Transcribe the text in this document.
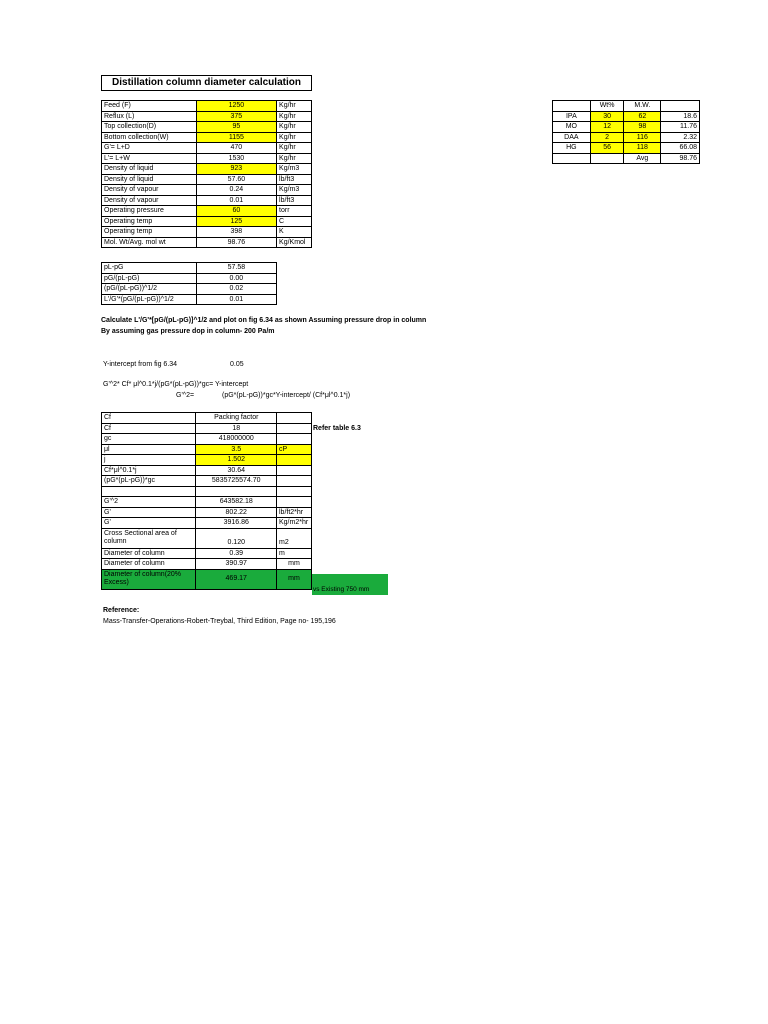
Distillation column diameter calculation
Feed (F)	1250	Kg/hr
Reflux (L)	375	Kg/hr
Top collection(D)	95	Kg/hr
Bottom collection(W)	1155	Kg/hr
G'= L+D	470	Kg/hr
L'= L+W	1530	Kg/hr
Density of liquid	923	Kg/m3
Density of liquid	57.60	lb/ft3
Density of vapour	0.24	Kg/m3
Density of vapour	0.01	lb/ft3
Operating pressure	60	torr
Operating temp	125	C
Operating temp	398	K
Mol. Wt/Avg. mol wt	98.76	Kg/Kmol
	Wt%	M.W.	
IPA	30	62	18.6
MO	12	98	11.76
DAA	2	116	2.32
HG	56	118	66.08
		Avg	98.76
pL-pG	57.58
pG/(pL-pG)	0.00
(pG/(pL-pG))^1/2	0.02
L'/G'*(pG/(pL-pG))^1/2	0.01
Calculate L'/G'*[pG/(pL-pG)]^1/2 and plot on fig 6.34 as shown Assuming pressure drop in column
By assuming gas pressure dop in column- 200 Pa/m
Y-intercept from fig 6.34	0.05
G'^2* Cf* μl^0.1*j/(pG*(pL-pG))*gc= Y-intercept
G'^2=	(pG*(pL-pG))*gc*Y-intercept/ (Cf*μl^0.1*j)
Cf	Packing factor	
Cf	18	
gc	418000000	
μl	3.5	cP
j	1.502	
Cf*μl^0.1*j	30.64	
(pG*(pL-pG))*gc	5835725574.70	

G'^2	643582.18	
G'	802.22	lb/ft2*hr
G'	3916.86	Kg/m2*hr
Cross Sectional area of column	0.120	m2
Diameter of column	0.39	m
Diameter of column	390.97	mm
Diameter of column(20% Excess)	469.17	mm
Refer table 6.3
vs Existing 750 mm
Reference:
Mass-Transfer-Operations-Robert-Treybal, Third Edition, Page no- 195,196
